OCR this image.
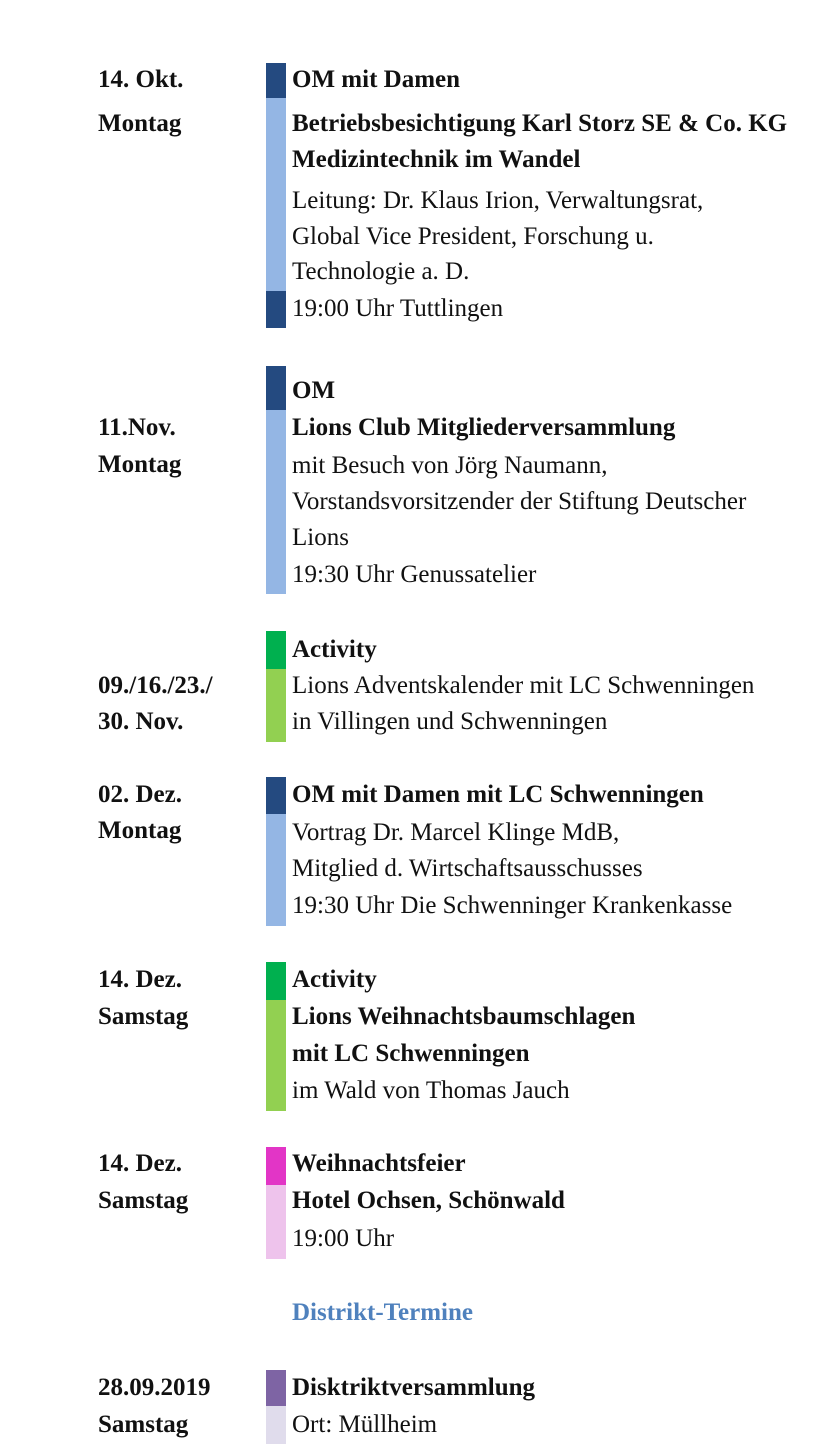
14. Okt.
Montag
OM mit Damen
Betriebsbesichtigung Karl Storz SE & Co. KG
Medizintechnik im Wandel
Leitung: Dr. Klaus Irion, Verwaltungsrat,
Global Vice President, Forschung u.
Technologie a. D.
19:00 Uhr Tuttlingen
11.Nov.
Montag
OM
Lions Club Mitgliederversammlung
mit Besuch von Jörg Naumann,
Vorstandsvorsitzender der Stiftung Deutscher
Lions
19:30 Uhr Genussatelier
09./16./23./
30. Nov.
Activity
Lions Adventskalender mit LC Schwenningen
in Villingen und Schwenningen
02. Dez.
Montag
OM mit Damen mit LC Schwenningen
Vortrag Dr. Marcel Klinge MdB,
Mitglied d. Wirtschaftsausschusses
19:30 Uhr Die Schwenninger Krankenkasse
14. Dez.
Samstag
Activity
Lions Weihnachtsbaumschlagen
mit LC Schwenningen
im Wald von Thomas Jauch
14. Dez.
Samstag
Weihnachtsfeier
Hotel Ochsen, Schönwald
19:00 Uhr
Distrikt-Termine
28.09.2019
Samstag
Disktriktversammlung
Ort: Müllheim
